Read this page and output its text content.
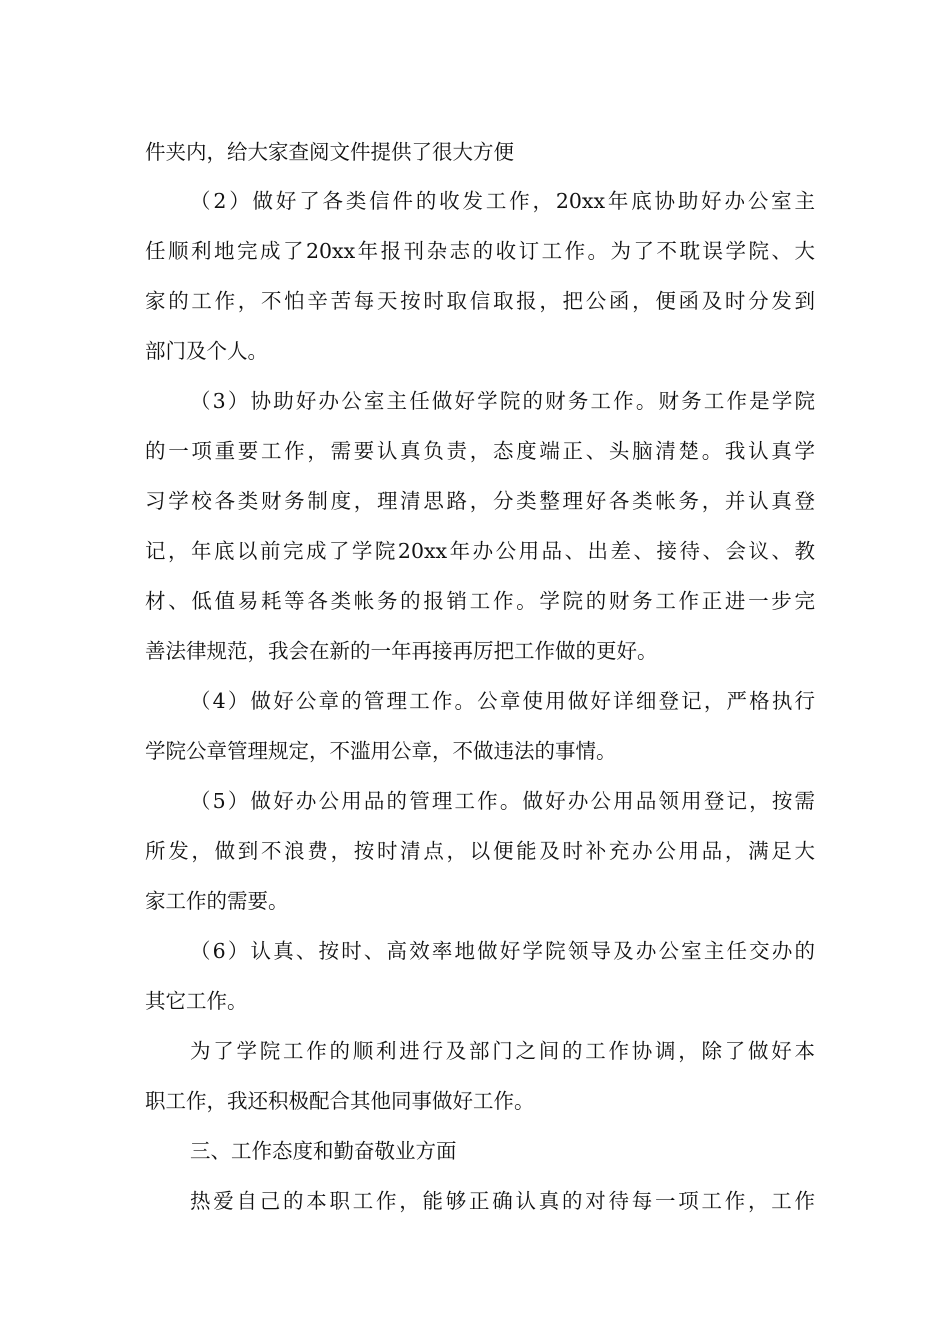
件夹内，给大家查阅文件提供了很大方便

（2）做好了各类信件的收发工作，20xx年底协助好办公室主

任顺利地完成了20xx年报刊杂志的收订工作。为了不耽误学院、大

家的工作，不怕辛苦每天按时取信取报，把公函，便函及时分发到

部门及个人。

（3）协助好办公室主任做好学院的财务工作。财务工作是学院

的一项重要工作，需要认真负责，态度端正、头脑清楚。我认真学

习学校各类财务制度，理清思路，分类整理好各类帐务，并认真登

记，年底以前完成了学院20xx年办公用品、出差、接待、会议、教

材、低值易耗等各类帐务的报销工作。学院的财务工作正进一步完

善法律规范，我会在新的一年再接再厉把工作做的更好。

（4）做好公章的管理工作。公章使用做好详细登记，严格执行

学院公章管理规定，不滥用公章，不做违法的事情。

（5）做好办公用品的管理工作。做好办公用品领用登记，按需

所发，做到不浪费，按时清点，以便能及时补充办公用品，满足大

家工作的需要。

（6）认真、按时、高效率地做好学院领导及办公室主任交办的

其它工作。

为了学院工作的顺利进行及部门之间的工作协调，除了做好本

职工作，我还积极配合其他同事做好工作。

三、工作态度和勤奋敬业方面

热爱自己的本职工作，能够正确认真的对待每一项工作，工作
